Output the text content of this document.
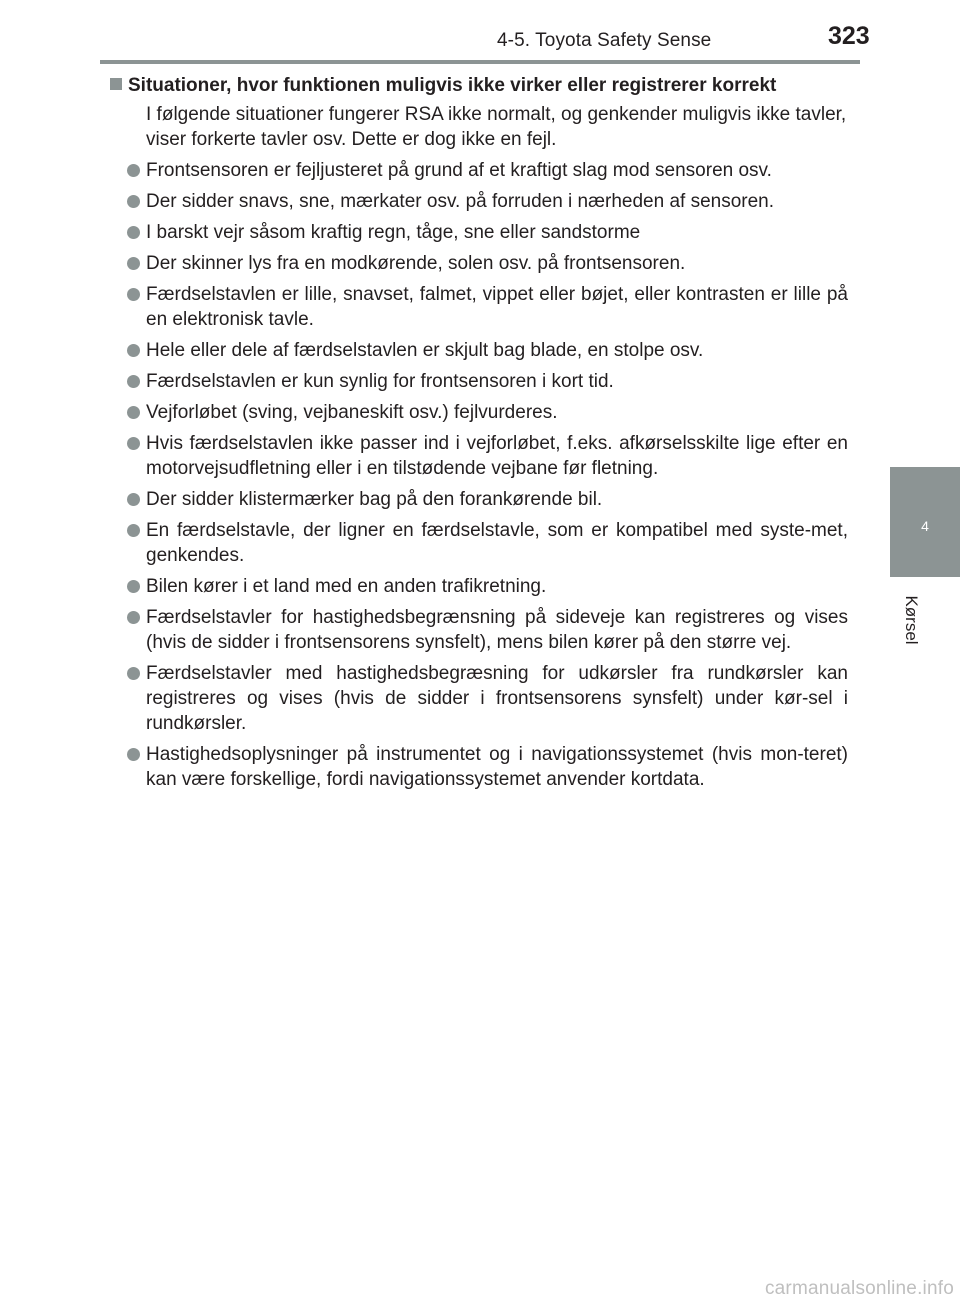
4-5. Toyota Safety Sense	323
4
Kørsel
Situationer, hvor funktionen muligvis ikke virker eller registrerer korrekt

I følgende situationer fungerer RSA ikke normalt, og genkender muligvis ikke tavler, viser forkerte tavler osv. Dette er dog ikke en fejl.

Frontsensoren er fejljusteret på grund af et kraftigt slag mod sensoren osv.
Der sidder snavs, sne, mærkater osv. på forruden i nærheden af sensoren.
I barskt vejr såsom kraftig regn, tåge, sne eller sandstorme
Der skinner lys fra en modkørende, solen osv. på frontsensoren.
Færdselstavlen er lille, snavset, falmet, vippet eller bøjet, eller kontrasten er lille på en elektronisk tavle.
Hele eller dele af færdselstavlen er skjult bag blade, en stolpe osv.
Færdselstavlen er kun synlig for frontsensoren i kort tid.
Vejforløbet (sving, vejbaneskift osv.) fejlvurderes.
Hvis færdselstavlen ikke passer ind i vejforløbet, f.eks. afkørselsskilte lige efter en motorvejsudfletning eller i en tilstødende vejbane før fletning.
Der sidder klistermærker bag på den forankørende bil.
En færdselstavle, der ligner en færdselstavle, som er kompatibel med syste-met, genkendes.
Bilen kører i et land med en anden trafikretning.
Færdselstavler for hastighedsbegrænsning på sideveje kan registreres og vises (hvis de sidder i frontsensorens synsfelt), mens bilen kører på den større vej.
Færdselstavler med hastighedsbegræsning for udkørsler fra rundkørsler kan registreres og vises (hvis de sidder i frontsensorens synsfelt) under kør-sel i rundkørsler.
Hastighedsoplysninger på instrumentet og i navigationssystemet (hvis mon-teret) kan være forskellige, fordi navigationssystemet anvender kortdata.
carmanualsonline.info
